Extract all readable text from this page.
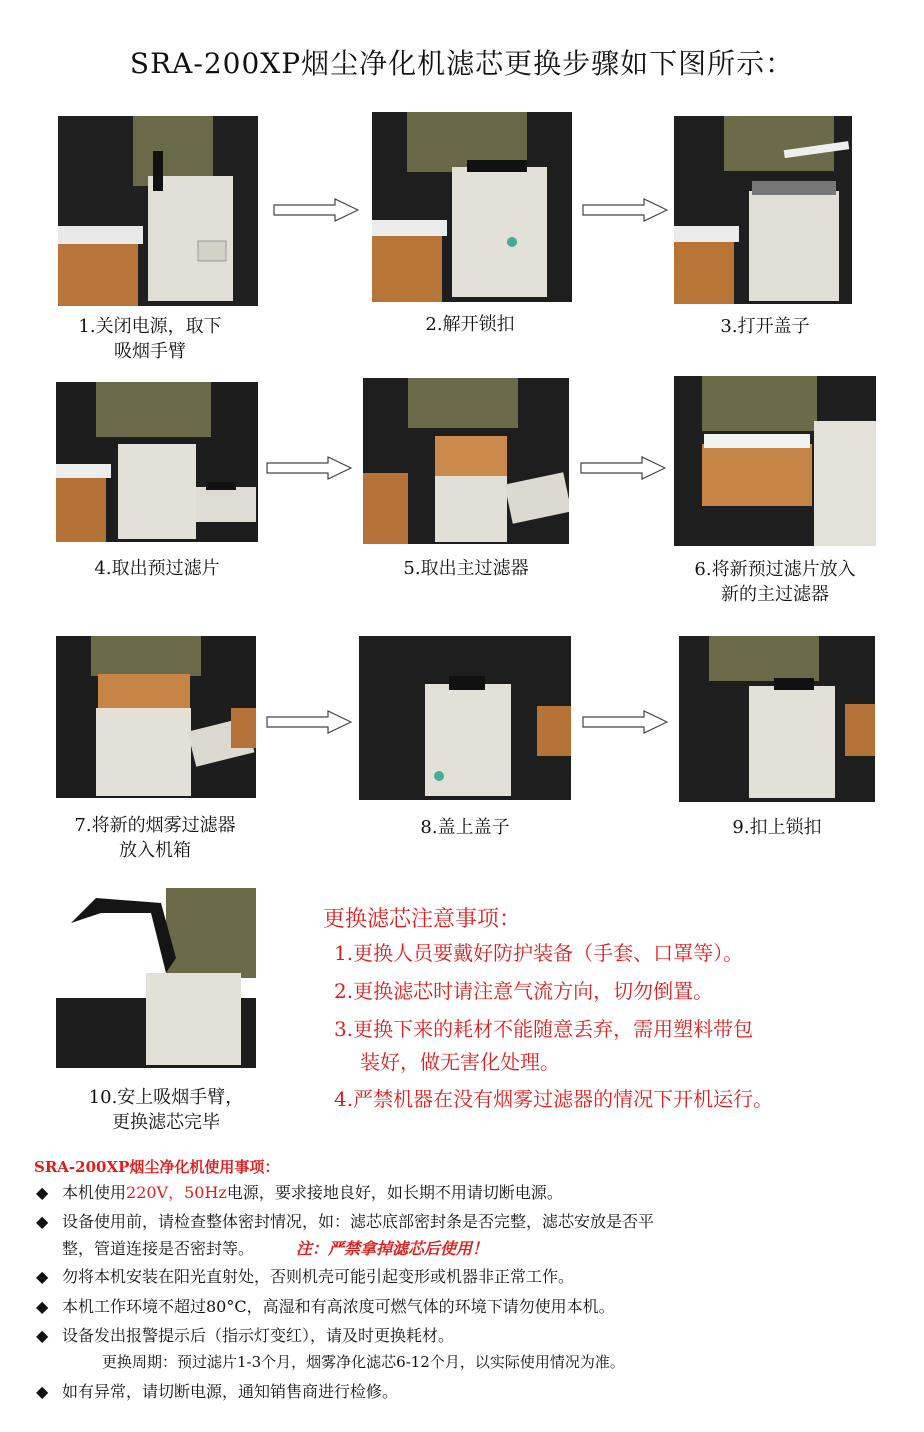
SRA-200XP烟尘净化机滤芯更换步骤如下图所示：
1.关闭电源，取下
吸烟手臂
2.解开锁扣	3.打开盖子
4.取出预过滤片	5.取出主过滤器	6.将新预过滤片放入
新的主过滤器
7.将新的烟雾过滤器
放入机箱
8.盖上盖子	9.扣上锁扣
10.安上吸烟手臂，
更换滤芯完毕
更换滤芯注意事项：
1.更换人员要戴好防护装备（手套、口罩等）。
2.更换滤芯时请注意气流方向，切勿倒置。
3.更换下来的耗材不能随意丢弃，需用塑料带包
装好，做无害化处理。
4.严禁机器在没有烟雾过滤器的情况下开机运行。
SRA-200XP烟尘净化机使用事项：
◆ 本机使用220V，50Hz电源，要求接地良好，如长期不用请切断电源。
◆ 设备使用前，请检查整体密封情况，如：滤芯底部密封条是否完整，滤芯安放是否平
整，管道连接是否密封等。	注：严禁拿掉滤芯后使用！
◆ 勿将本机安装在阳光直射处，否则机壳可能引起变形或机器非正常工作。
◆ 本机工作环境不超过80°C，高湿和有高浓度可燃气体的环境下请勿使用本机。
◆ 设备发出报警提示后（指示灯变红），请及时更换耗材。
更换周期：预过滤片1-3个月，烟雾净化滤芯6-12个月，以实际使用情况为准。
◆ 如有异常，请切断电源，通知销售商进行检修。
